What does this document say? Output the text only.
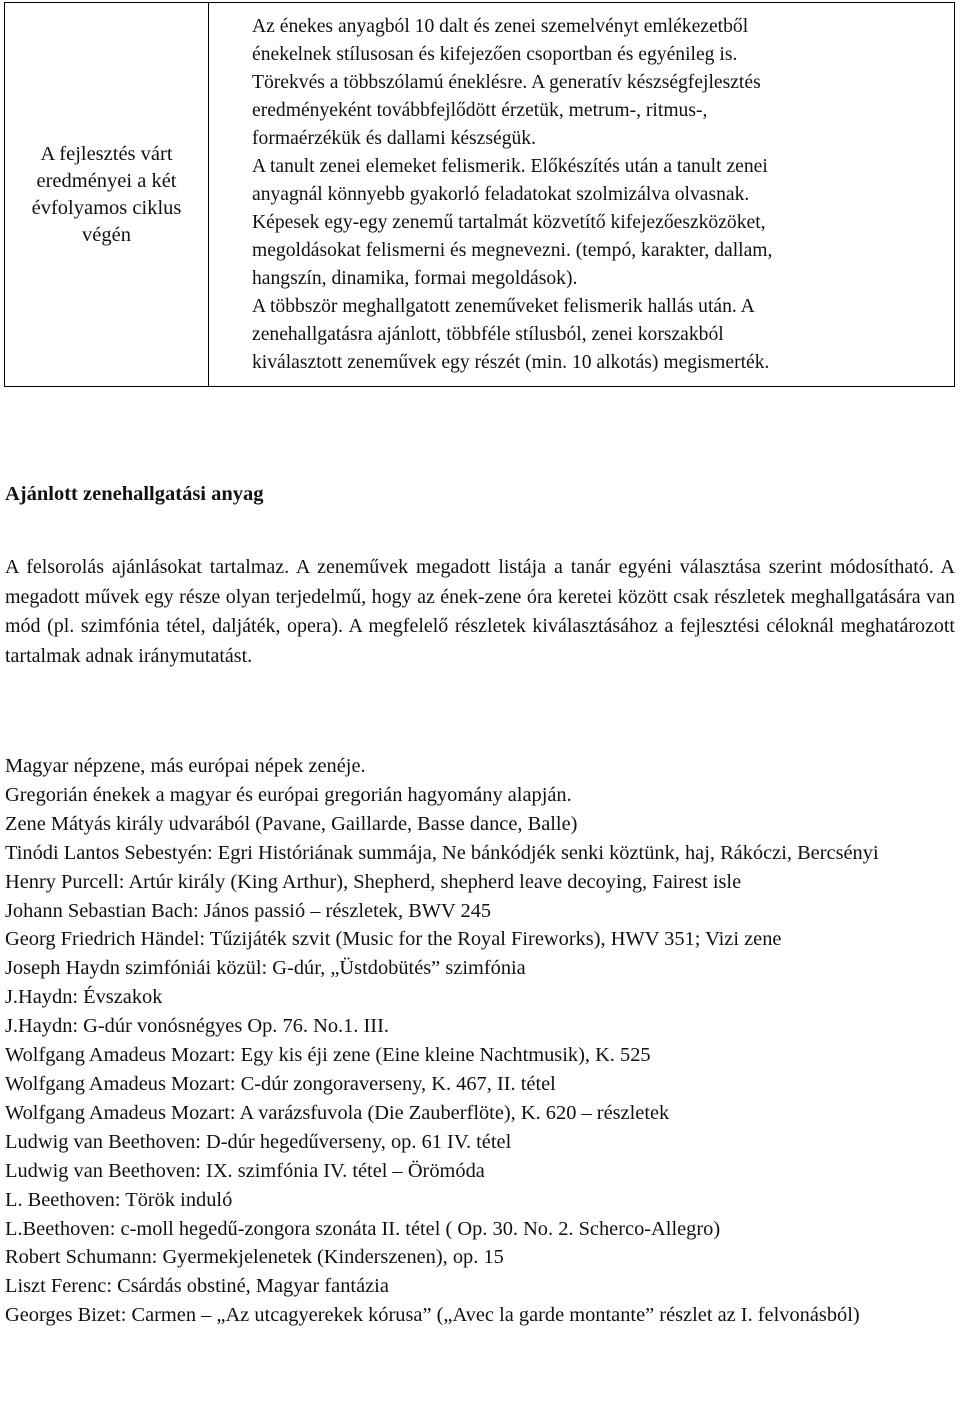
A fejlesztés várt eredményei a két évfolyamos ciklus végén

Az énekes anyagból 10 dalt és zenei szemelvényt emlékezetből
énekelnek stílusosan és kifejezően csoportban és egyénileg is.
Törekvés a többszólamú éneklésre. A generatív készségfejlesztés
eredményeként továbbfejlődött érzetük, metrum-, ritmus-,
formaérzékük és dallami készségük.
A tanult zenei elemeket felismerik. Előkészítés után a tanult zenei
anyagnál könnyebb gyakorló feladatokat szolmizálva olvasnak.
Képesek egy-egy zenemű tartalmát közvetítő kifejezőeszközöket,
megoldásokat felismerni és megnevezni. (tempó, karakter, dallam,
hangszín, dinamika, formai megoldások).
A többször meghallgatott zeneműveket felismerik hallás után. A
zenehallgatásra ajánlott, többféle stílusból, zenei korszakból
kiválasztott zeneművek egy részét (min. 10 alkotás) megismerték.
Ajánlott zenehallgatási anyag
A felsorolás ajánlásokat tartalmaz. A zeneművek megadott listája a tanár egyéni választása szerint módosítható. A megadott művek egy része olyan terjedelmű, hogy az ének-zene óra keretei között csak részletek meghallgatására van mód (pl. szimfónia tétel, daljáték, opera). A megfelelő részletek kiválasztásához a fejlesztési céloknál meghatározott tartalmak adnak iránymutatást.
Magyar népzene, más európai népek zenéje.
Gregorián énekek a magyar és európai gregorián hagyomány alapján.
Zene Mátyás király udvarából (Pavane, Gaillarde, Basse dance, Balle)
Tinódi Lantos Sebestyén: Egri Históriának summája, Ne bánkódjék senki köztünk, haj, Rákóczi, Bercsényi
Henry Purcell: Artúr király (King Arthur), Shepherd, shepherd leave decoying, Fairest isle
Johann Sebastian Bach: János passió – részletek, BWV 245
Georg Friedrich Händel: Tűzijáték szvit (Music for the Royal Fireworks), HWV 351; Vizi zene
Joseph Haydn szimfóniái közül: G-dúr, „Üstdobütés” szimfónia
J.Haydn: Évszakok
J.Haydn: G-dúr vonósnégyes Op. 76. No.1. III.
Wolfgang Amadeus Mozart: Egy kis éji zene (Eine kleine Nachtmusik), K. 525
Wolfgang Amadeus Mozart: C-dúr zongoraverseny, K. 467, II. tétel
Wolfgang Amadeus Mozart: A varázsfuvola (Die Zauberflöte), K. 620 – részletek
Ludwig van Beethoven: D-dúr hegedűverseny, op. 61 IV. tétel
Ludwig van Beethoven: IX. szimfónia IV. tétel – Örömóda
L. Beethoven: Török induló
L.Beethoven: c-moll hegedű-zongora szonáta II. tétel ( Op. 30. No. 2. Scherco-Allegro)
Robert Schumann: Gyermekjelenetek (Kinderszenen), op. 15
Liszt Ferenc: Csárdás obstiné, Magyar fantázia
Georges Bizet: Carmen – „Az utcagyerekek kórusa” („Avec la garde montante” részlet az I. felvonásból)
